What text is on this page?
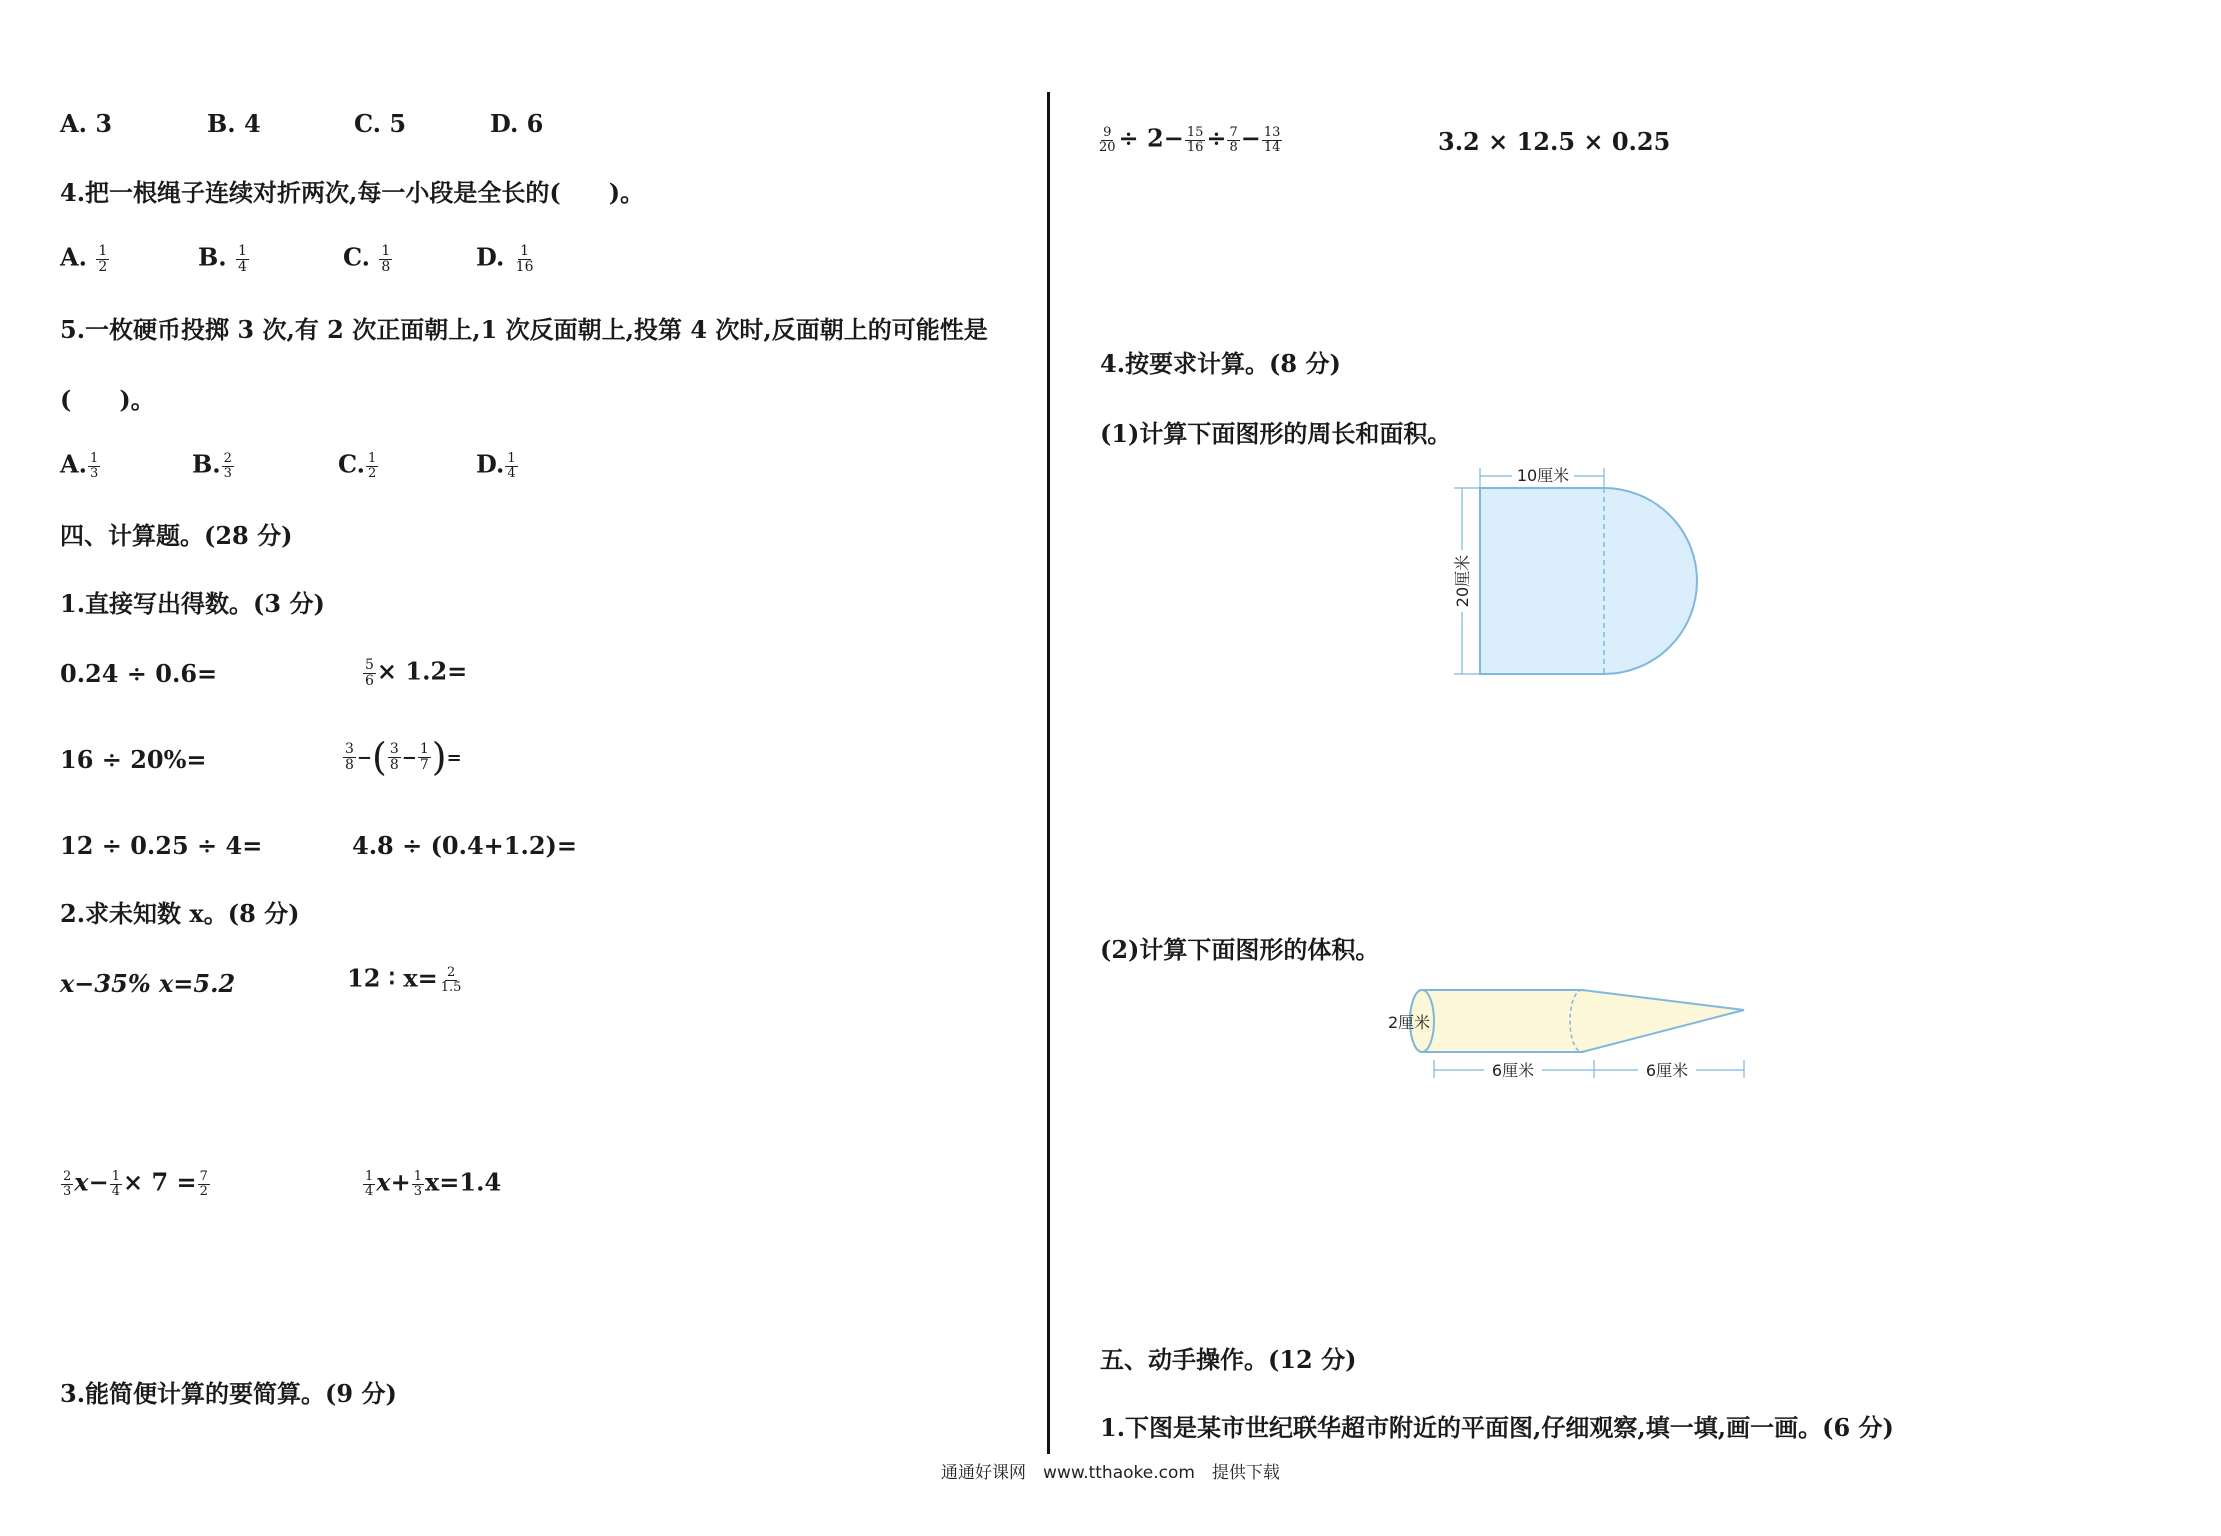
A. 3	B. 4	C. 5	D. 6
4.把一根绳子连续对折两次,每一小段是全长的(　　)。
A. $\frac{1}{2}$	B. $\frac{1}{4}$	C. $\frac{1}{8}$	D. $\frac{1}{16}$
5.一枚硬币投掷 3 次,有 2 次正面朝上,1 次反面朝上,投第 4 次时,反面朝上的可能性是
(　　)。
A. $\frac{1}{3}$	B. $\frac{2}{3}$	C. $\frac{1}{2}$	D. $\frac{1}{4}$
四、计算题。(28 分)
1.直接写出得数。(3 分)
0.24 ÷ 0.6=	$\frac{5}{6} \times 1.2=$
16 ÷ 20%=	$\frac{3}{8}$ −( $\frac{3}{8} - \frac{1}{7}$ )=
12 ÷ 0.25 ÷ 4=	4.8 ÷ (0.4+1.2)=
2.求未知数 x。(8 分)
x−35% x=5.2	12 ∶ $x= \frac{2}{1.5}$
$\frac{2}{3} x- \frac{1}{4} \times 7 = \frac{7}{2}$	$\frac{1}{4} x+ \frac{1}{3} x=1.4$
3.能简便计算的要简算。(9 分)
$\frac{9}{20} \div 2- \frac{15}{16} \div \frac{7}{8} - \frac{13}{14}$	3.2 × 12.5 × 0.25
4.按要求计算。(8 分)
(1)计算下面图形的周长和面积。
10厘米
20厘米
(2)计算下面图形的体积。
2厘米
6厘米	6厘米
五、动手操作。(12 分)
1.下图是某市世纪联华超市附近的平面图,仔细观察,填一填,画一画。(6 分)
通通好课网　www.tthaoke.com　提供下载
